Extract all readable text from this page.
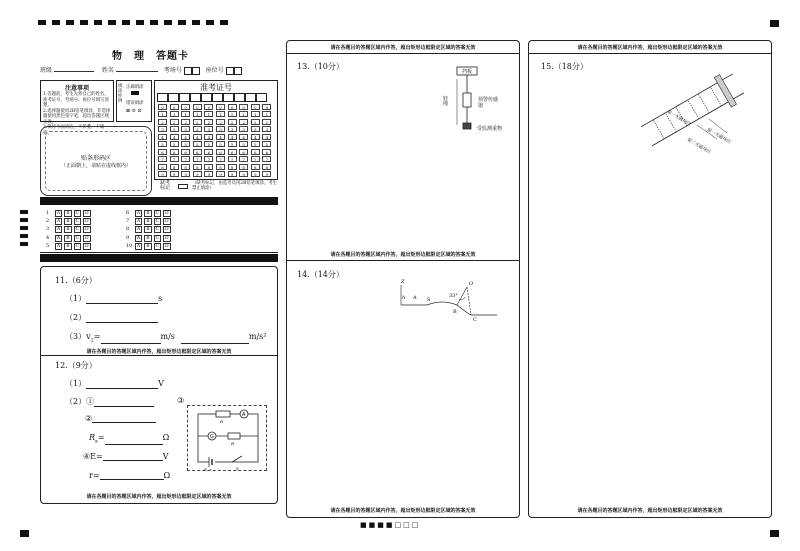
物　理　答题卡
班级	姓名	考场号	座位号
注意事项
1.答题前，考生先将自己的姓名、准考证号、考场号、座位号填写清楚。
2.选择题使用2B铅笔填涂，非选择题使用黑色签字笔，超出答题区域无效。
3.保持卡面清洁，不折叠、不破损。
填涂样例
正确填涂
错误填涂
⊠ ⊘ ⊡
准考证号
0	0	0	0	0	0	0	0	0	0
1	1	1	1	1	1	1	1	1	1
2	2	2	2	2	2	2	2	2	2
3	3	3	3	3	3	3	3	3	3
4	4	4	4	4	4	4	4	4	4
5	5	5	5	5	5	5	5	5	5
6	6	6	6	6	6	6	6	6	6
7	7	7	7	7	7	7	7	7	7
8	8	8	8	8	8	8	8	8	8
9	9	9	9	9	9	9	9	9	9
贴条形码区
（正面朝上，请贴在虚线框内）
缺考标记
（缺考标记，由监考员用2B铅笔填涂，考生禁止填涂）
1 A B C D
2 A B C D
3 A B C D
4 A B C D
5 A B C D
6 A B C D
7 A B C D
8 A B C D
9 A B C D
10 A B C D
11.（6分）
（1）	s
（2）
$(3)v_2=$	m/s	m/s²
请在各题目的答题区域内作答，超出矩形边框限定区域的答案无效
12.（9分）
（1）	V
（2）①
②
$R_x=$	Ω
④E=	V
r=	Ω
③
A
R
G
R
E, r	S
请在各题目的答题区域内作答，超出矩形边框限定区域的答案无效
请在各题目的答题区域内作答，超出矩形边框限定区域的答案无效
13.（10分）
挡板
轻绳
预警传感器
受监测重物
请在各题目的答题区域内作答，超出矩形边框限定区域的答案无效
14.（14分）
Z
h A S
O
33°
B
C
请在各题目的答题区域内作答，超出矩形边框限定区域的答案无效
请在各题目的答题区域内作答，超出矩形边框限定区域的答案无效
15.（18分）
第一无磁场区
第一无磁场区
第二无磁场区
请在各题目的答题区域内作答，超出矩形边框限定区域的答案无效
■■■■□□□
